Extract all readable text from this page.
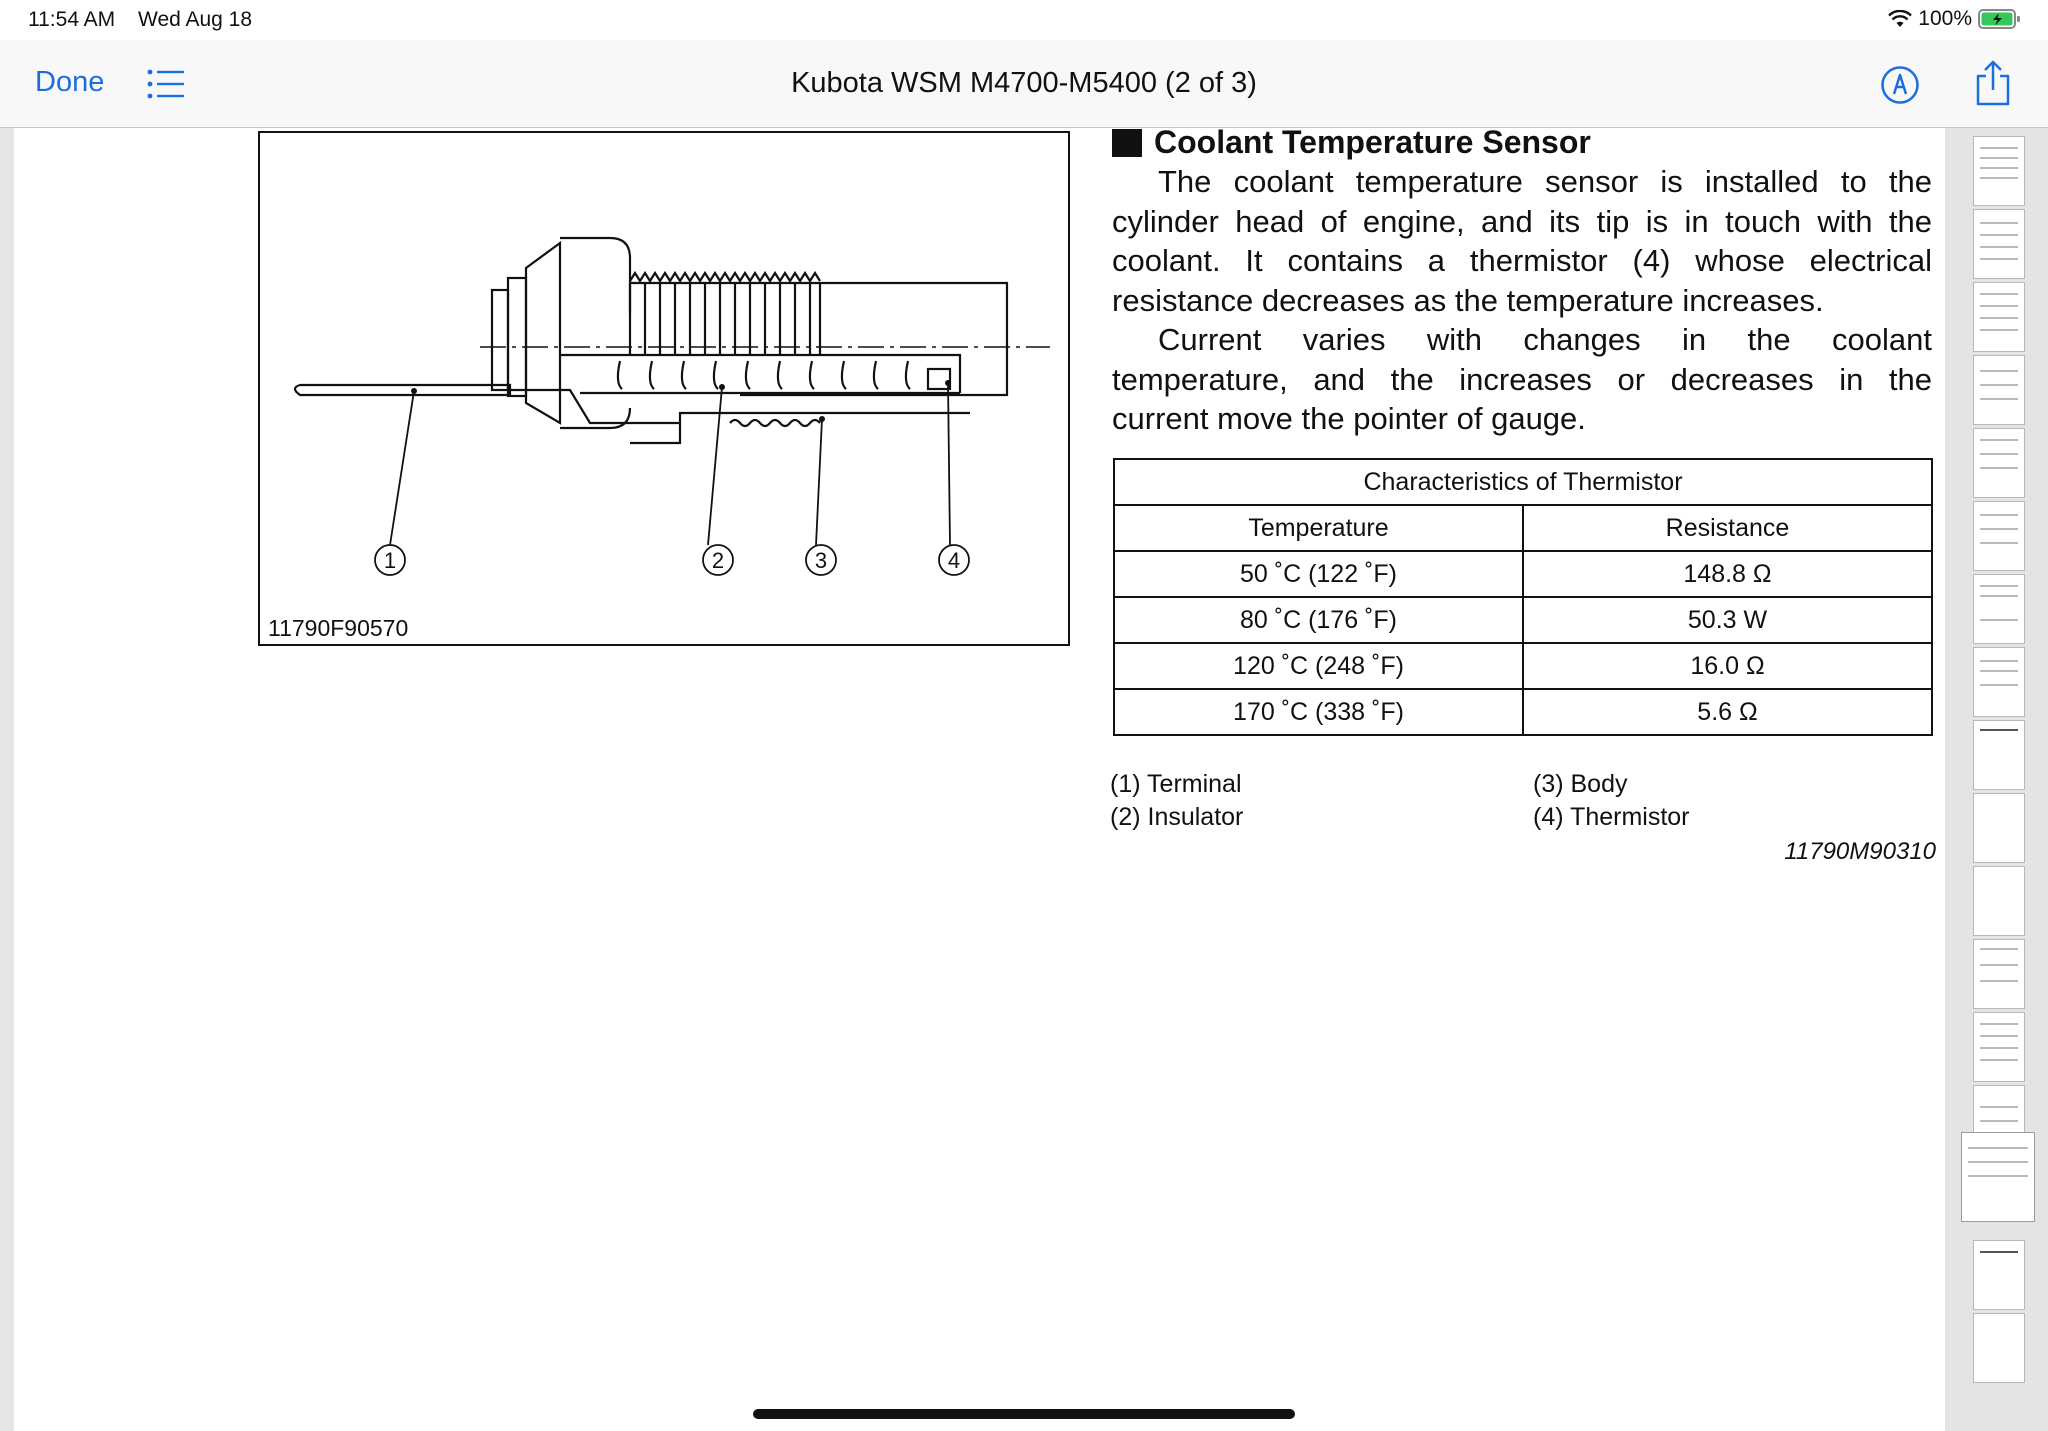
11:54 AM Wed Aug 18	100%
Done	Kubota WSM M4700-M5400 (2 of 3)
1	2	3	4
11790F90570
Coolant Temperature Sensor
The coolant temperature sensor is installed to the
cylinder head of engine, and its tip is in touch with the
coolant. It contains a thermistor (4) whose electrical
resistance decreases as the temperature increases.
Current varies with changes in the coolant
temperature, and the increases or decreases in the
current move the pointer of gauge.
Characteristics of Thermistor	
Temperature	Resistance
50 ˚C (122 ˚F)	148.8 Ω
80 ˚C (176 ˚F)	50.3 W
120 ˚C (248 ˚F)	16.0 Ω
170 ˚C (338 ˚F)	5.6 Ω
(1) Terminal
(2) Insulator
(3) Body
(4) Thermistor
11790M90310
